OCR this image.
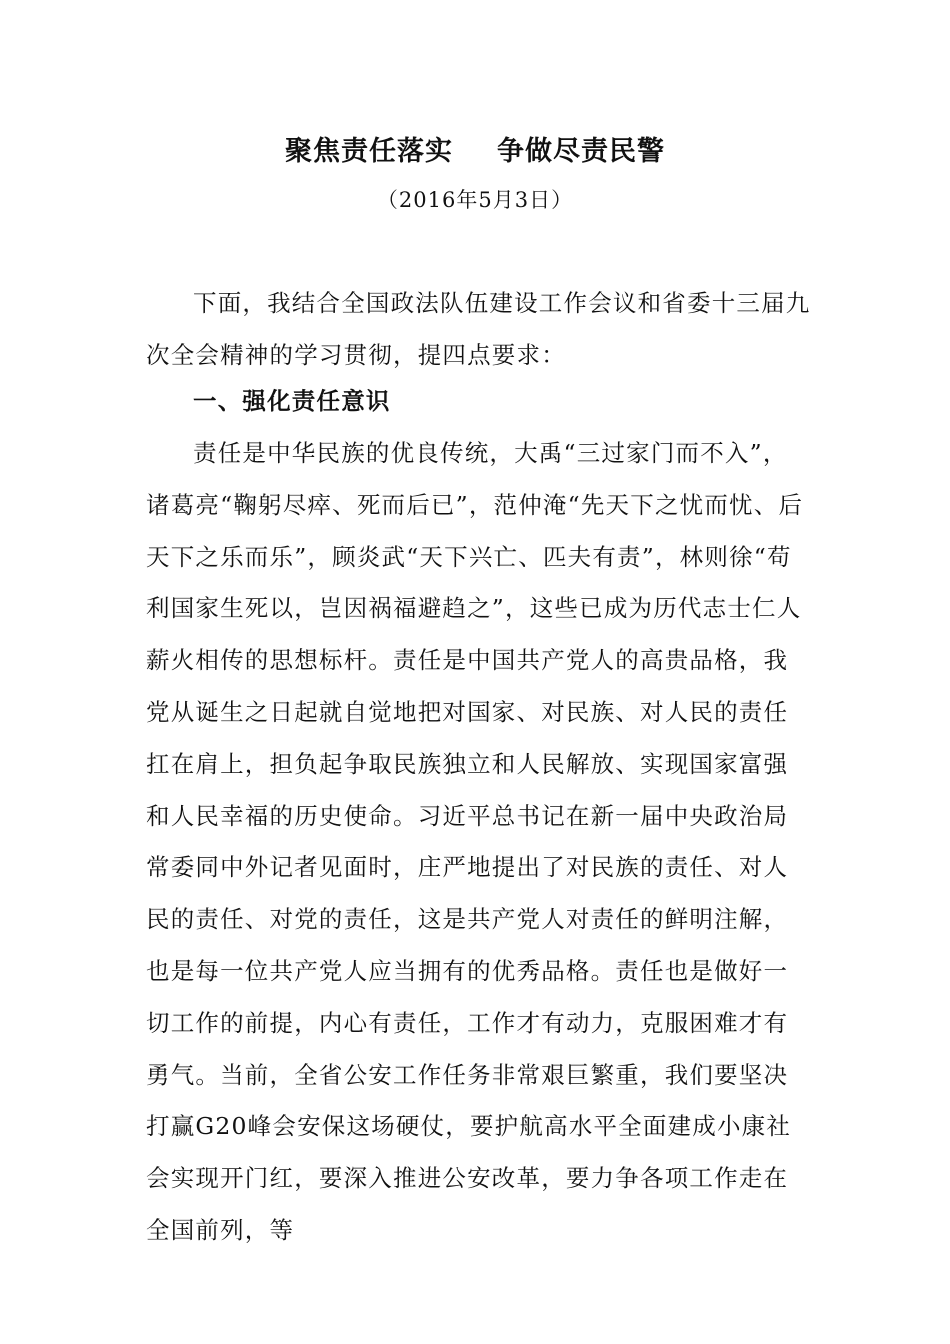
聚焦责任落实 争做尽责民警
（2016年5月3日）
下面，我结合全国政法队伍建设工作会议和省委十三届九次全会精神的学习贯彻，提四点要求：
一、强化责任意识
责任是中华民族的优良传统，大禹“三过家门而不入”，诸葛亮“鞠躬尽瘁、死而后已”，范仲淹“先天下之忧而忧、后天下之乐而乐”，顾炎武“天下兴亡、匹夫有责”，林则徐“苟利国家生死以，岂因祸福避趋之”，这些已成为历代志士仁人薪火相传的思想标杆。责任是中国共产党人的高贵品格，我党从诞生之日起就自觉地把对国家、对民族、对人民的责任扛在肩上，担负起争取民族独立和人民解放、实现国家富强和人民幸福的历史使命。习近平总书记在新一届中央政治局常委同中外记者见面时，庄严地提出了对民族的责任、对人民的责任、对党的责任，这是共产党人对责任的鲜明注解，也是每一位共产党人应当拥有的优秀品格。责任也是做好一切工作的前提，内心有责任，工作才有动力，克服困难才有勇气。当前，全省公安工作任务非常艰巨繁重，我们要坚决打赢G20峰会安保这场硬仗，要护航高水平全面建成小康社会实现开门红，要深入推进公安改革，要力争各项工作走在全国前列，等
